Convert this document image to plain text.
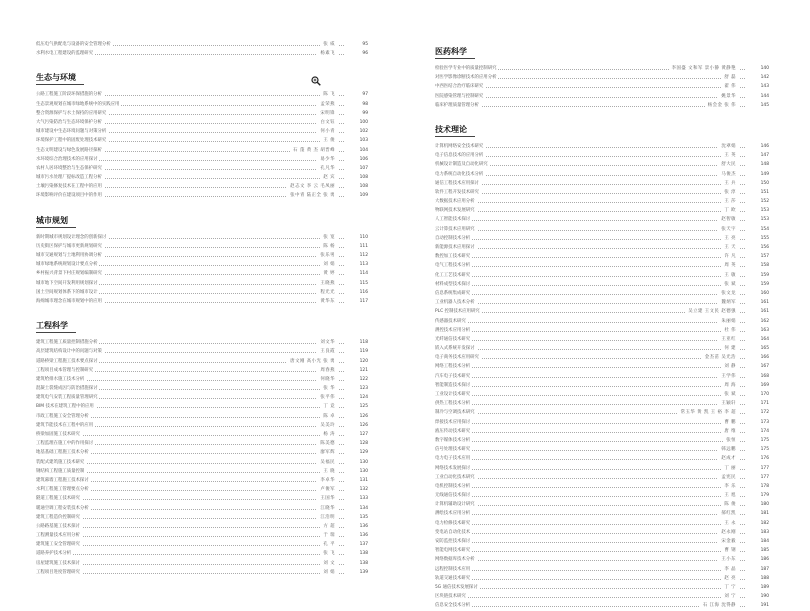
低压电气供配电与设备的安全管理分析	张 威	95
水利水电工程建设的监理研究	杨素飞	96
生态与环境
公路工程施工阶段环保措施的分析	陈 飞	97
生态景观规划在城市绿地系统中的实践应用	孟荣燕	98
整合资源保护与水土保持的应用研究	宋明锋	99
大气污染防治与生态环境保护分析	白文钰	100
城市建设中生态环境问题与对策分析	何小青	102
环境保护工程中的固废处理技术研究	王 俊	103
生态文明建设与绿色发展路径探析	石 蓬 黄 杰 胡晋峰	104
水环境综合治理技术的应用探讨	易少华	106
农村人居环境整治与生态保护研究	孔凡华	107
城市污水处理厂提标改造工程分析	赵 宾	108
土壤污染修复技术在工程中的应用	赵志文 李 云 毛凤丽	108
环境影响评价在建设项目中的作用	张中青 陆正全 张 勇	109
城市规划
新时期城市规划设计理念的创新探讨	张 宽	110
历史街区保护与城市更新规划研究	陈 杨	111
城市交通规划与土地利用协调分析	张乐男	112
城市绿地系统规划设计要点分析	刘 娟	113
乡村振兴背景下村庄规划编制研究	黄 婷	114
城市地下空间开发利用规划探讨	王晓燕	115
国土空间规划体系下的城市设计	程光光	116
海绵城市理念在城市规划中的应用	黄华东	117
工程科学
建筑工程施工质量控制措施分析	刘文华	118
高层建筑结构设计中的问题与对策	王良霞	119
道路桥梁工程施工技术要点探讨	唐文刚 高小光 张 勇	120
工程项目成本管理与控制研究	周春燕	121
建筑给排水施工技术分析	何晓华	122
混凝土裂缝成因与防治措施探讨	张 华	123
建筑电气安装工程质量管理研究	张平伟	124
BIM 技术在建筑工程中的应用	丁 竞	125
市政工程施工安全管理分析	陈 卓	126
建筑节能技术在工程中的应用	吴美玲	126
桥梁加固施工技术研究	杨 涛	127
工程监理在施工中的作用探讨	陈美德	128
地基基础工程施工技术分析	廖军辉	129
装配式建筑施工技术研究	吴福民	130
钢结构工程施工质量控制	王 晓	130
建筑幕墙工程施工技术探讨	李卓华	131
水利工程施工管理要点分析	卢俊军	132
隧道工程施工技术研究	王国华	133
暖通空调工程安装技术分析	江晓华	134
建筑工程造价控制研究	江浩明	135
公路路基施工技术探讨	方 超	136
工程测量技术应用分析	于 瑞	136
建筑施工安全管理研究	孔 平	137
道路养护技术分析	张 飞	138
房屋建筑施工技术探讨	刘 文	138
工程项目进度管理研究	刘 娟	139
医药科学
检验医学专业中的质量控制研究	李国盛 文和军 景小静 黄静艳	140
对医学影像诊断技术的应用分析	舒 磊	142
中西医结合治疗临床研究	翟 伟	143
医院感染管理与控制研究	姚景华	144
临床护理质量管理分析	杨会金 张 伟	145
技术理论
计算机网络安全技术研究	沈翠娟	146
电子信息技术的应用分析	王 英	147
机械设计制造及自动化研究	舒大民	148
电力系统自动化技术分析	马俊杰	149
通信工程技术应用探讨	王 兵	150
软件工程开发技术研究	张 淳	151
大数据技术应用分析	王 莎	152
物联网技术发展研究	丁 欧	153
人工智能技术探讨	赵智敏	153
云计算技术应用研究	张天宇	154
自动控制技术分析	王 亮	155
新能源技术应用探讨	王 天	156
数控加工技术研究	许 凡	157
电气工程技术分析	周 英	158
化工工艺技术研究	王 敏	159
材料成型技术探讨	张 斌	159
信息系统集成研究	张文龙	160
工业机器人技术分析	魏炳军	161
PLC 控制技术应用研究	吴立建 王文民 赵德强	161
传感器技术研究	朱丽娟	162
测控技术应用分析	杜 伟	163
光纤通信技术研究	王亚红	164
嵌入式系统开发探讨	何 建	165
电子商务技术应用研究	金杰苗 吴光浩	166
网络工程技术分析	刘 静	167
汽车电子技术研究	王学伟	168
智能制造技术探讨	周 海	169
工业设计技术研究	张 斌	170
供热工程技术分析	王颖轩	171
制冷与空调技术研究	常玉华 黄 凯 王 裕 李 超	172
焊接技术应用探讨	曹 鹏	173
液压传动技术研究	唐 维	174
数字媒体技术分析	张恒	175
信号处理技术研究	韩远鹏	175
电力电子技术应用	赵成才	176
网络技术发展探讨	丁 丽	177
工业自动化技术研究	孟宪民	177
电机控制技术分析	李 乐	178
无线通信技术探讨	王 旭	179
计算机辅助设计研究	陈 俊	180
测绘技术应用分析	郝红凯	181
电力检修技术研究	王 永	182
变电站自动化技术	赵永刚	183
安防监控技术探讨	宋金毅	184
智能电网技术研究	曹 钢	185
网络数据库技术分析	王小东	186
远程控制技术应用	李 晶	187
轨道交通技术研究	赵 亮	188
5G 通信技术发展探讨	丁 宁	189
区块链技术研究	刘 宁	190
信息安全技术分析	石 江海 沈得静	191
